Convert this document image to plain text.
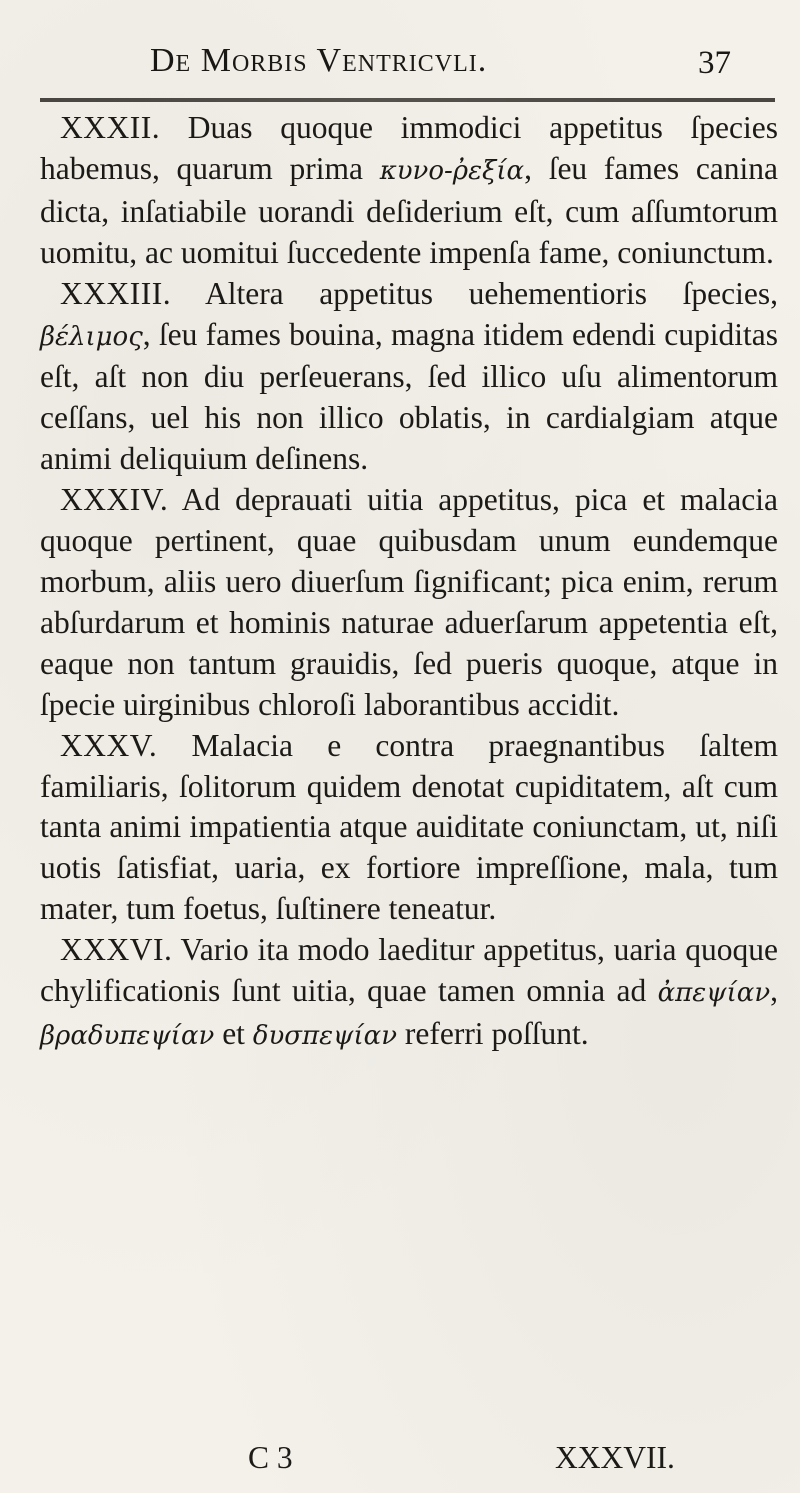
De Morbis Ventricvli.	37

XXXII. Duas quoque immodici appetitus ſpecies habemus, quarum prima κυνο-ῤεξία, ſeu fames canina dicta, inſatiabile uorandi deſiderium eſt, cum aſſumtorum uomitu, ac uomitui ſuccedente impenſa fame, coniunctum.

XXXIII. Altera appetitus uehementioris ſpecies, βέλιμος, ſeu fames bouina, magna itidem edendi cupiditas eſt, aſt non diu perſeuerans, ſed illico uſu alimentorum ceſſans, uel his non illico oblatis, in cardialgiam atque animi deliquium deſinens.

XXXIV. Ad deprauati uitia appetitus, pica et malacia quoque pertinent, quae quibusdam unum eundemque morbum, aliis uero diuerſum ſignificant; pica enim, rerum abſurdarum et hominis naturae aduerſarum appetentia eſt, eaque non tantum grauidis, ſed pueris quoque, atque in ſpecie uirginibus chloroſi laborantibus accidit.

XXXV. Malacia e contra praegnantibus ſaltem familiaris, ſolitorum quidem denotat cupiditatem, aſt cum tanta animi impatientia atque auiditate coniunctam, ut, niſi uotis ſatisfiat, uaria, ex fortiore impreſſione, mala, tum mater, tum foetus, ſuſtinere teneatur.

XXXVI. Vario ita modo laeditur appetitus, uaria quoque chylificationis ſunt uitia, quae tamen omnia ad ἀπεψίαν, βραδυπεψίαν et δυσπεψίαν referri poſſunt.

C 3	XXXVII.
